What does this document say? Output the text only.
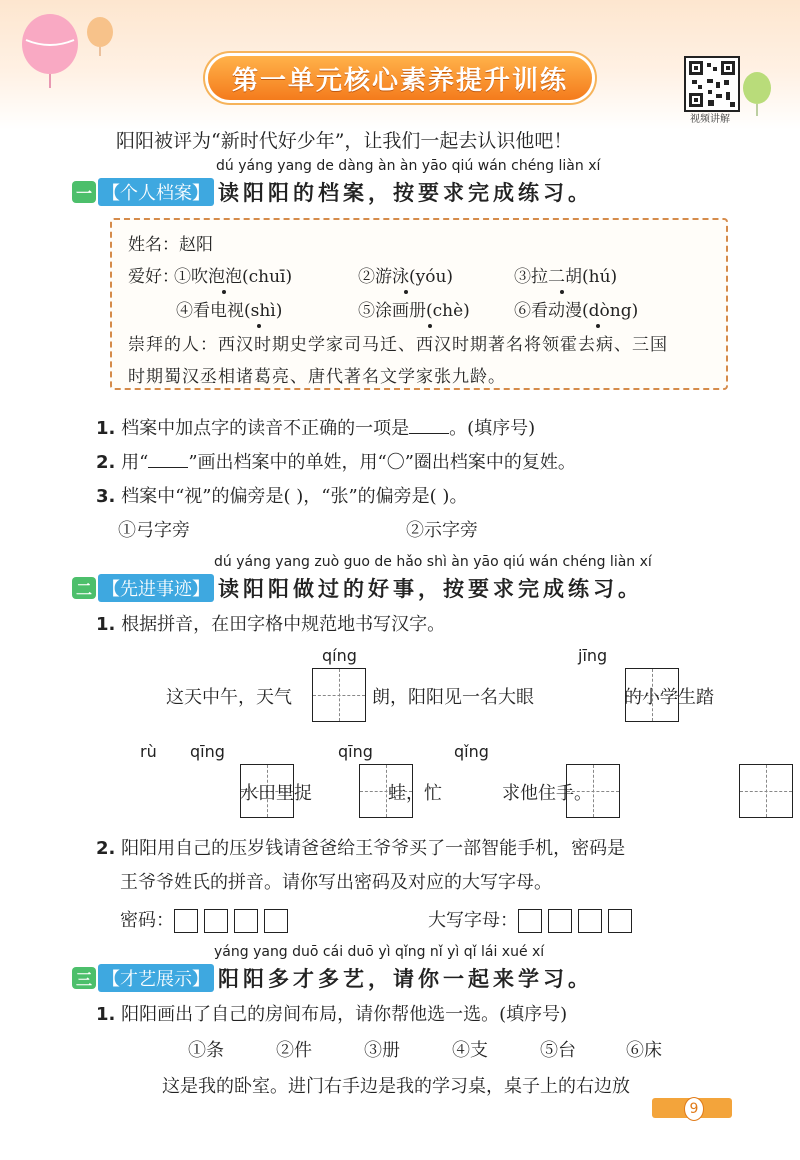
第一单元核心素养提升训练
视频讲解
阳阳被评为“新时代好少年”，让我们一起去认识他吧！
dú yáng yang de dàng àn àn yāo qiú wán chéng liàn xí
一 【个人档案】 读阳阳的档案，按要求完成练习。
姓名：赵阳
爱好：
①吹泡泡(chuī)	②游泳(yóu)	③拉二胡(hú)
④看电视(shì)	⑤涂画册(chè)	⑥看动漫(dòng)
崇拜的人：西汉时期史学家司马迁、西汉时期著名将领霍去病、三国
时期蜀汉丞相诸葛亮、唐代著名文学家张九龄。
1. 档案中加点字的读音不正确的一项是 。(填序号)
2. 用“ ”画出档案中的单姓，用“〇”圈出档案中的复姓。
3. 档案中“视”的偏旁是( )，“张”的偏旁是( )。
①弓字旁	②示字旁
dú yáng yang zuò guo de hǎo shì àn yāo qiú wán chéng liàn xí
二 【先进事迹】 读阳阳做过的好事，按要求完成练习。
1. 根据拼音，在田字格中规范地书写汉字。
qíng	jīng
这天中午，天气
	朗，阳阳见一名大眼
	的小学生踏
rù qīng	qīng	qǐng

水田里捉
	蛙，忙	求他住手。
2. 阳阳用自己的压岁钱请爸爸给王爷爷买了一部智能手机，密码是
王爷爷姓氏的拼音。请你写出密码及对应的大写字母。
密码：	大写字母：
yáng yang duō cái duō yì qǐng nǐ yì qǐ lái xué xí
三 【才艺展示】 阳阳多才多艺，请你一起来学习。
1. 阳阳画出了自己的房间布局，请你帮他选一选。(填序号)
①条	②件	③册	④支	⑤台	⑥床
这是我的卧室。进门右手边是我的学习桌，桌子上的右边放
9
